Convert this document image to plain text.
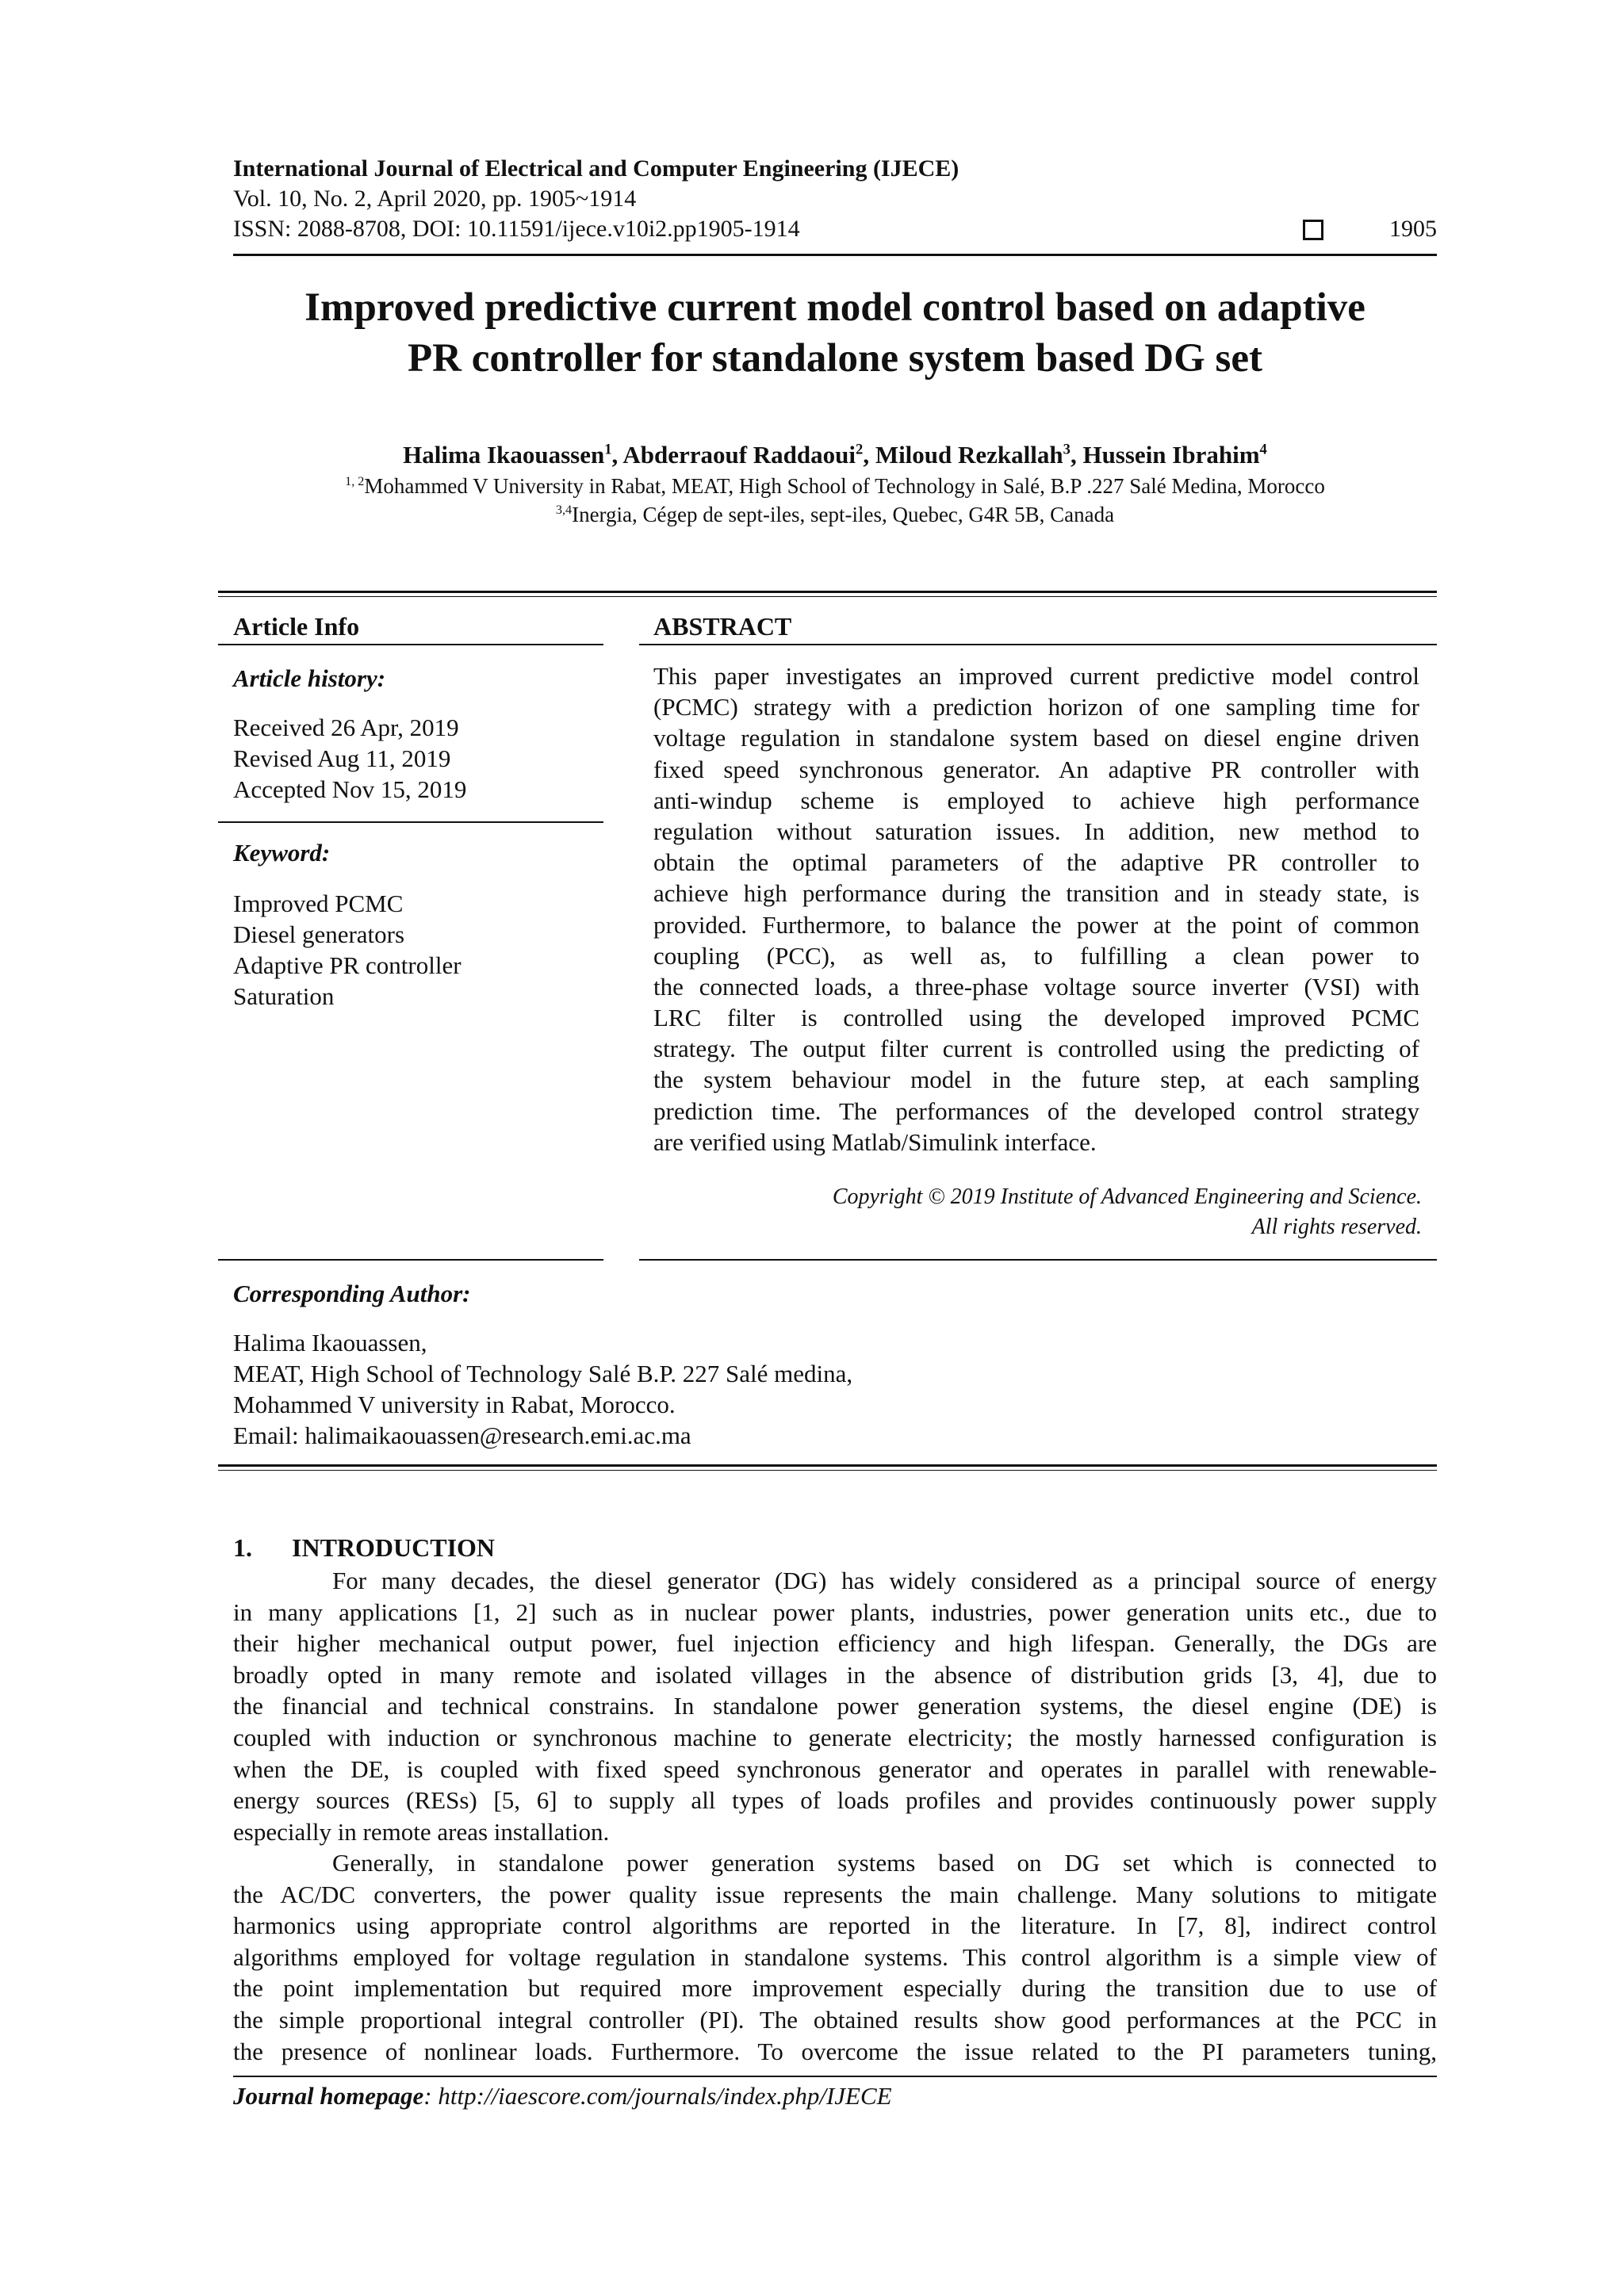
International Journal of Electrical and Computer Engineering (IJECE)
Vol. 10, No. 2, April 2020, pp. 1905~1914
ISSN: 2088-8708, DOI: 10.11591/ijece.v10i2.pp1905-1914	1905
Improved predictive current model control based on adaptive
PR controller for standalone system based DG set
Halima Ikaouassen$^1$, Abderraouf Raddaoui$^2$, Miloud Rezkallah$^3$, Hussein Ibrahim$^4$
$^{1, 2}$Mohammed V University in Rabat, MEAT, High School of Technology in Salé, B.P .227 Salé Medina, Morocco
$^{3,4}$Inergia, Cégep de sept-iles, sept-iles, Quebec, G4R 5B, Canada
Article Info
Article history:
Received 26 Apr, 2019
Revised Aug 11, 2019
Accepted Nov 15, 2019
Keyword:
Improved PCMC
Diesel generators
Adaptive PR controller
Saturation
ABSTRACT
This paper investigates an improved current predictive model control
(PCMC) strategy with a prediction horizon of one sampling time for
voltage regulation in standalone system based on diesel engine driven
fixed speed synchronous generator. An adaptive PR controller with
anti-windup scheme is employed to achieve high performance
regulation without saturation issues. In addition, new method to
obtain the optimal parameters of the adaptive PR controller to
achieve high performance during the transition and in steady state, is
provided. Furthermore, to balance the power at the point of common
coupling (PCC), as well as, to fulfilling a clean power to
the connected loads, a three-phase voltage source inverter (VSI) with
LRC filter is controlled using the developed improved PCMC
strategy. The output filter current is controlled using the predicting of
the system behaviour model in the future step, at each sampling
prediction time. The performances of the developed control strategy
are verified using Matlab/Simulink interface.
Copyright © 2019 Institute of Advanced Engineering and Science.
All rights reserved.
Corresponding Author:
Halima Ikaouassen,
MEAT, High School of Technology Salé B.P. 227 Salé medina,
Mohammed V university in Rabat, Morocco.
Email: halimaikaouassen@research.emi.ac.ma
1. INTRODUCTION
For many decades, the diesel generator (DG) has widely considered as a principal source of energy
in many applications [1, 2] such as in nuclear power plants, industries, power generation units etc., due to
their higher mechanical output power, fuel injection efficiency and high lifespan. Generally, the DGs are
broadly opted in many remote and isolated villages in the absence of distribution grids [3, 4], due to
the financial and technical constrains. In standalone power generation systems, the diesel engine (DE) is
coupled with induction or synchronous machine to generate electricity; the mostly harnessed configuration is
when the DE, is coupled with fixed speed synchronous generator and operates in parallel with renewable-
energy sources (RESs) [5, 6] to supply all types of loads profiles and provides continuously power supply
especially in remote areas installation.
Generally, in standalone power generation systems based on DG set which is connected to
the AC/DC converters, the power quality issue represents the main challenge. Many solutions to mitigate
harmonics using appropriate control algorithms are reported in the literature. In [7, 8], indirect control
algorithms employed for voltage regulation in standalone systems. This control algorithm is a simple view of
the point implementation but required more improvement especially during the transition due to use of
the simple proportional integral controller (PI). The obtained results show good performances at the PCC in
the presence of nonlinear loads. Furthermore. To overcome the issue related to the PI parameters tuning,
Journal homepage: http://iaescore.com/journals/index.php/IJECE
